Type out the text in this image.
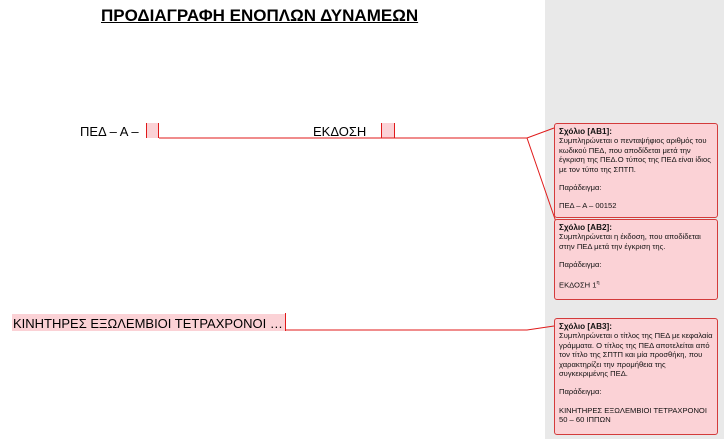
ΠΡΟΔΙΑΓΡΑΦΗ ΕΝΟΠΛΩΝ ΔΥΝΑΜΕΩΝ
ΠΕΔ – Α –	ΕΚΔΟΣΗ
ΚΙΝΗΤΗΡΕΣ ΕΞΩΛΕΜΒΙΟΙ ΤΕΤΡΑΧΡΟΝΟΙ …

Σχόλιο [AB1]:

Συμπληρώνεται ο πενταψήφιος αριθμός του κωδικού ΠΕΔ, που αποδίδεται μετά την έγκριση της ΠΕΔ.Ο τύπος της ΠΕΔ είναι ίδιος με τον τύπο της ΣΠΤΠ.

Παράδειγμα:

ΠΕΔ – Α – 00152

Σχόλιο [AB2]:

Συμπληρώνεται η έκδοση, που αποδίδεται στην ΠΕΔ μετά την έγκριση της.

Παράδειγμα:

ΕΚΔΟΣΗ $1^\eta$

Σχόλιο [AB3]:

Συμπληρώνεται ο τίτλος της ΠΕΔ με κεφαλαία γράμματα. Ο τίτλος της ΠΕΔ αποτελείται από τον τίτλο της ΣΠΤΠ και μία προσθήκη, που χαρακτηρίζει την προμήθεια της συγκεκριμένης ΠΕΔ.

Παράδειγμα:

ΚΙΝΗΤΗΡΕΣ ΕΞΩΛΕΜΒΙΟΙ ΤΕΤΡΑΧΡΟΝΟΙ 50 – 60 ΙΠΠΩΝ
